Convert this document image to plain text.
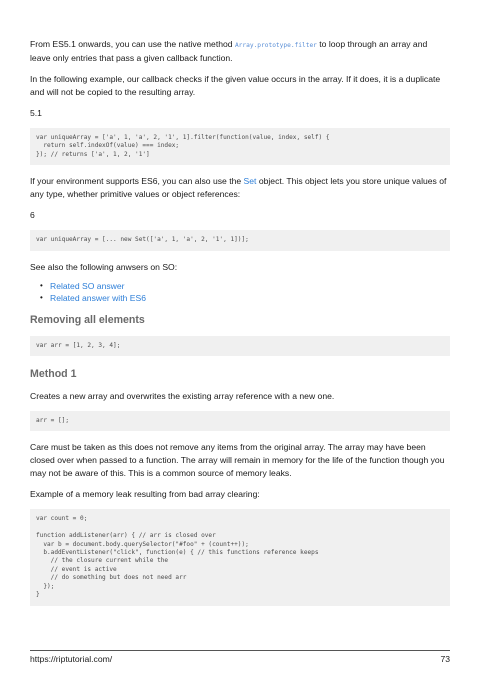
From ES5.1 onwards, you can use the native method Array.prototype.filter to loop through an array and leave only entries that pass a given callback function.

In the following example, our callback checks if the given value occurs in the array. If it does, it is a duplicate and will not be copied to the resulting array.

5.1

var uniqueArray = ['a', 1, 'a', 2, '1', 1].filter(function(value, index, self) {
return self.indexOf(value) === index;
}); // returns ['a', 1, 2, '1']

If your environment supports ES6, you can also use the Set object. This object lets you store unique values of any type, whether primitive values or object references:

6

var uniqueArray = [... new Set(['a', 1, 'a', 2, '1', 1])];

See also the following anwsers on SO:

• Related SO answer
• Related answer with ES6
Removing all elements
var arr = [1, 2, 3, 4];
Method 1

Creates a new array and overwrites the existing array reference with a new one.

arr = [];

Care must be taken as this does not remove any items from the original array. The array may have been closed over when passed to a function. The array will remain in memory for the life of the function though you may not be aware of this. This is a common source of memory leaks.

Example of a memory leak resulting from bad array clearing:

var count = 0;

function addListener(arr) { // arr is closed over
var b = document.body.querySelector("#foo" + (count++));
b.addEventListener("click", function(e) { // this functions reference keeps
// the closure current while the
// event is active
// do something but does not need arr
});
}
https://riptutorial.com/	73
